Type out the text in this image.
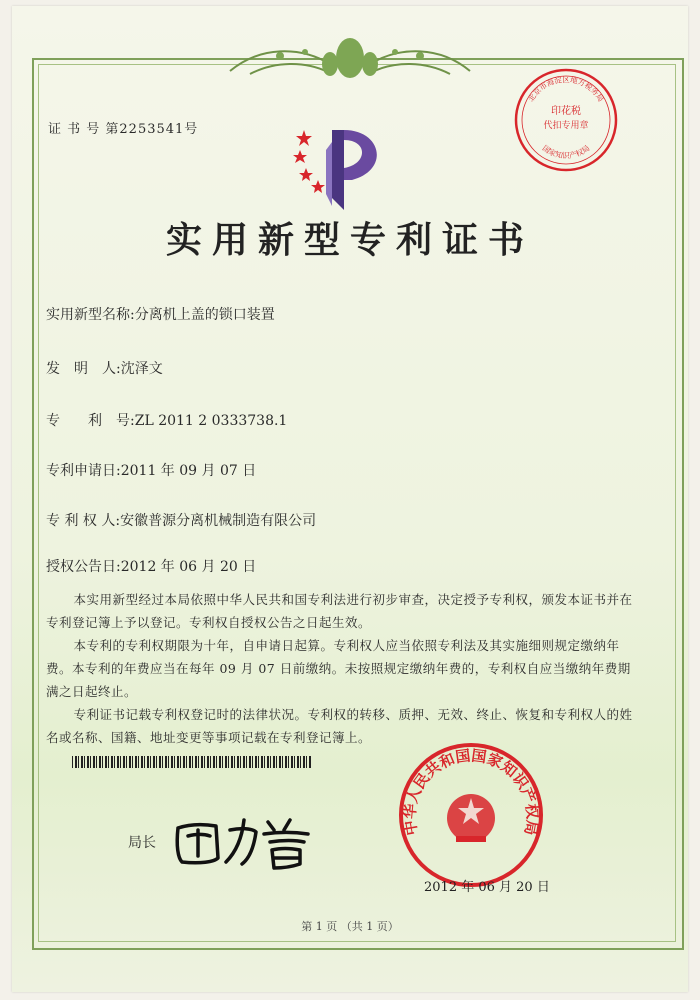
证 书 号 第2253541号
印花税
代扣专用章
北京市海淀区地方税务局
国家知识产权局
实用新型专利证书
实用新型名称:分离机上盖的锁口装置
发　明　人:沈泽文
专　　利　号:ZL 2011 2 0333738.1
专利申请日:2011 年 09 月 07 日
专 利 权 人:安徽普源分离机械制造有限公司
授权公告日:2012 年 06 月 20 日

本实用新型经过本局依照中华人民共和国专利法进行初步审查，决定授予专利权，颁发本证书并在专利登记簿上予以登记。专利权自授权公告之日起生效。

本专利的专利权期限为十年，自申请日起算。专利权人应当依照专利法及其实施细则规定缴纳年费。本专利的年费应当在每年 09 月 07 日前缴纳。未按照规定缴纳年费的，专利权自应当缴纳年费期满之日起终止。

专利证书记载专利权登记时的法律状况。专利权的转移、质押、无效、终止、恢复和专利权人的姓名或名称、国籍、地址变更等事项记载在专利登记簿上。

局长
中华人民共和国国家知识产权局
2012 年 06 月 20 日
第 1 页 （共 1 页）
